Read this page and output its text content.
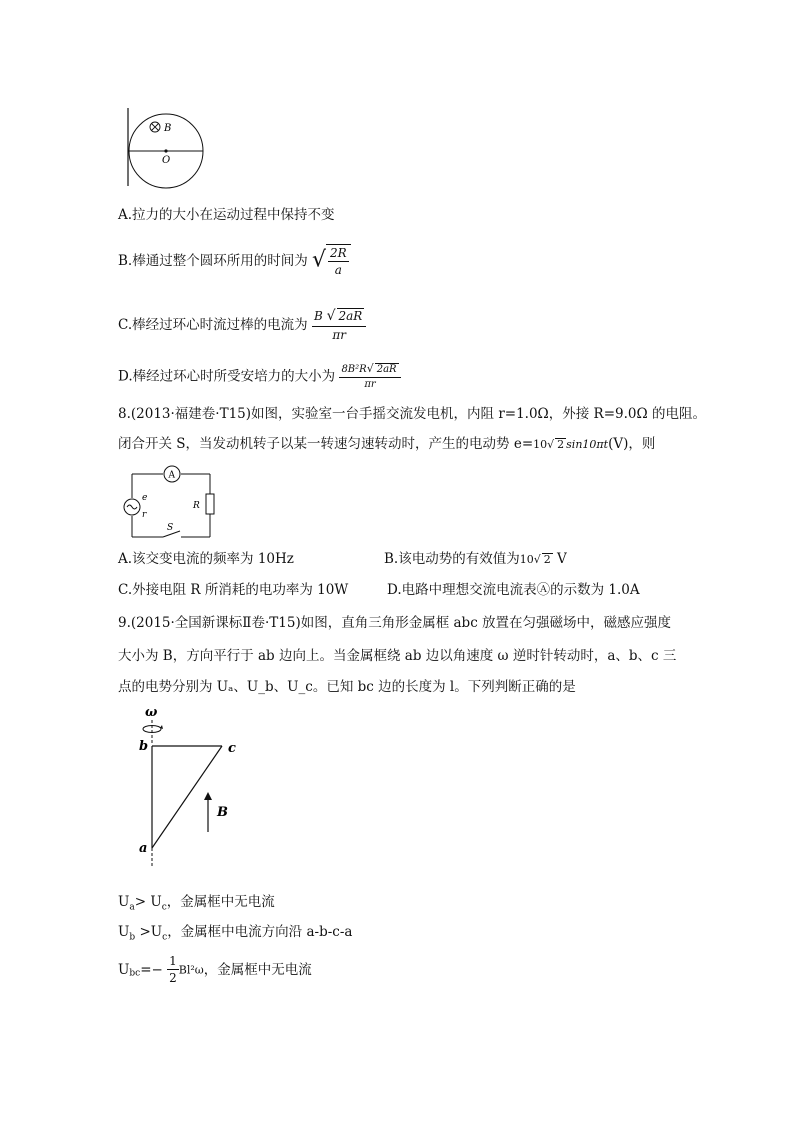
B
O
A.拉力的大小在运动过程中保持不变
B.棒通过整个圆环所用的时间为 √ $\frac{2R}{a}$
C.棒经过环心时流过棒的电流为 $\frac{B √ 2aR}{\pi r}$
D.棒经过环心时所受安培力的大小为 $\frac{\text{8B²R√ 2aR}}{\pi r}$
8.(2013·福建卷·T15)如图，实验室一台手摇交流发电机，内阻 r=1.0Ω，外接 R=9.0Ω 的电阻。
闭合开关 S，当发动机转子以某一转速匀速转动时，产生的电动势 e=10√ 2 sin10πt(V)，则
A
e
r
R
S
A.该交变电流的频率为 10Hz	B.该电动势的有效值为10√ 2 V
C.外接电阻 R 所消耗的电功率为 10W	D.电路中理想交流电流表Ⓐ的示数为 1.0A
9.(2015·全国新课标Ⅱ卷·T15)如图，直角三角形金属框 abc 放置在匀强磁场中，磁感应强度
大小为 B，方向平行于 ab 边向上。当金属框绕 ab 边以角速度 ω 逆时针转动时，a、b、c 三
点的电势分别为 Uₐ、U_b、U_c。已知 bc 边的长度为 l。下列判断正确的是
ω
B
b	c
a
$U_a> U_c$，金属框中无电流
$U_b >U_c$，金属框中电流方向沿 a-b-c-a
$U_{bc}=- \frac{1}{2} Bl^2\omega$，金属框中无电流
